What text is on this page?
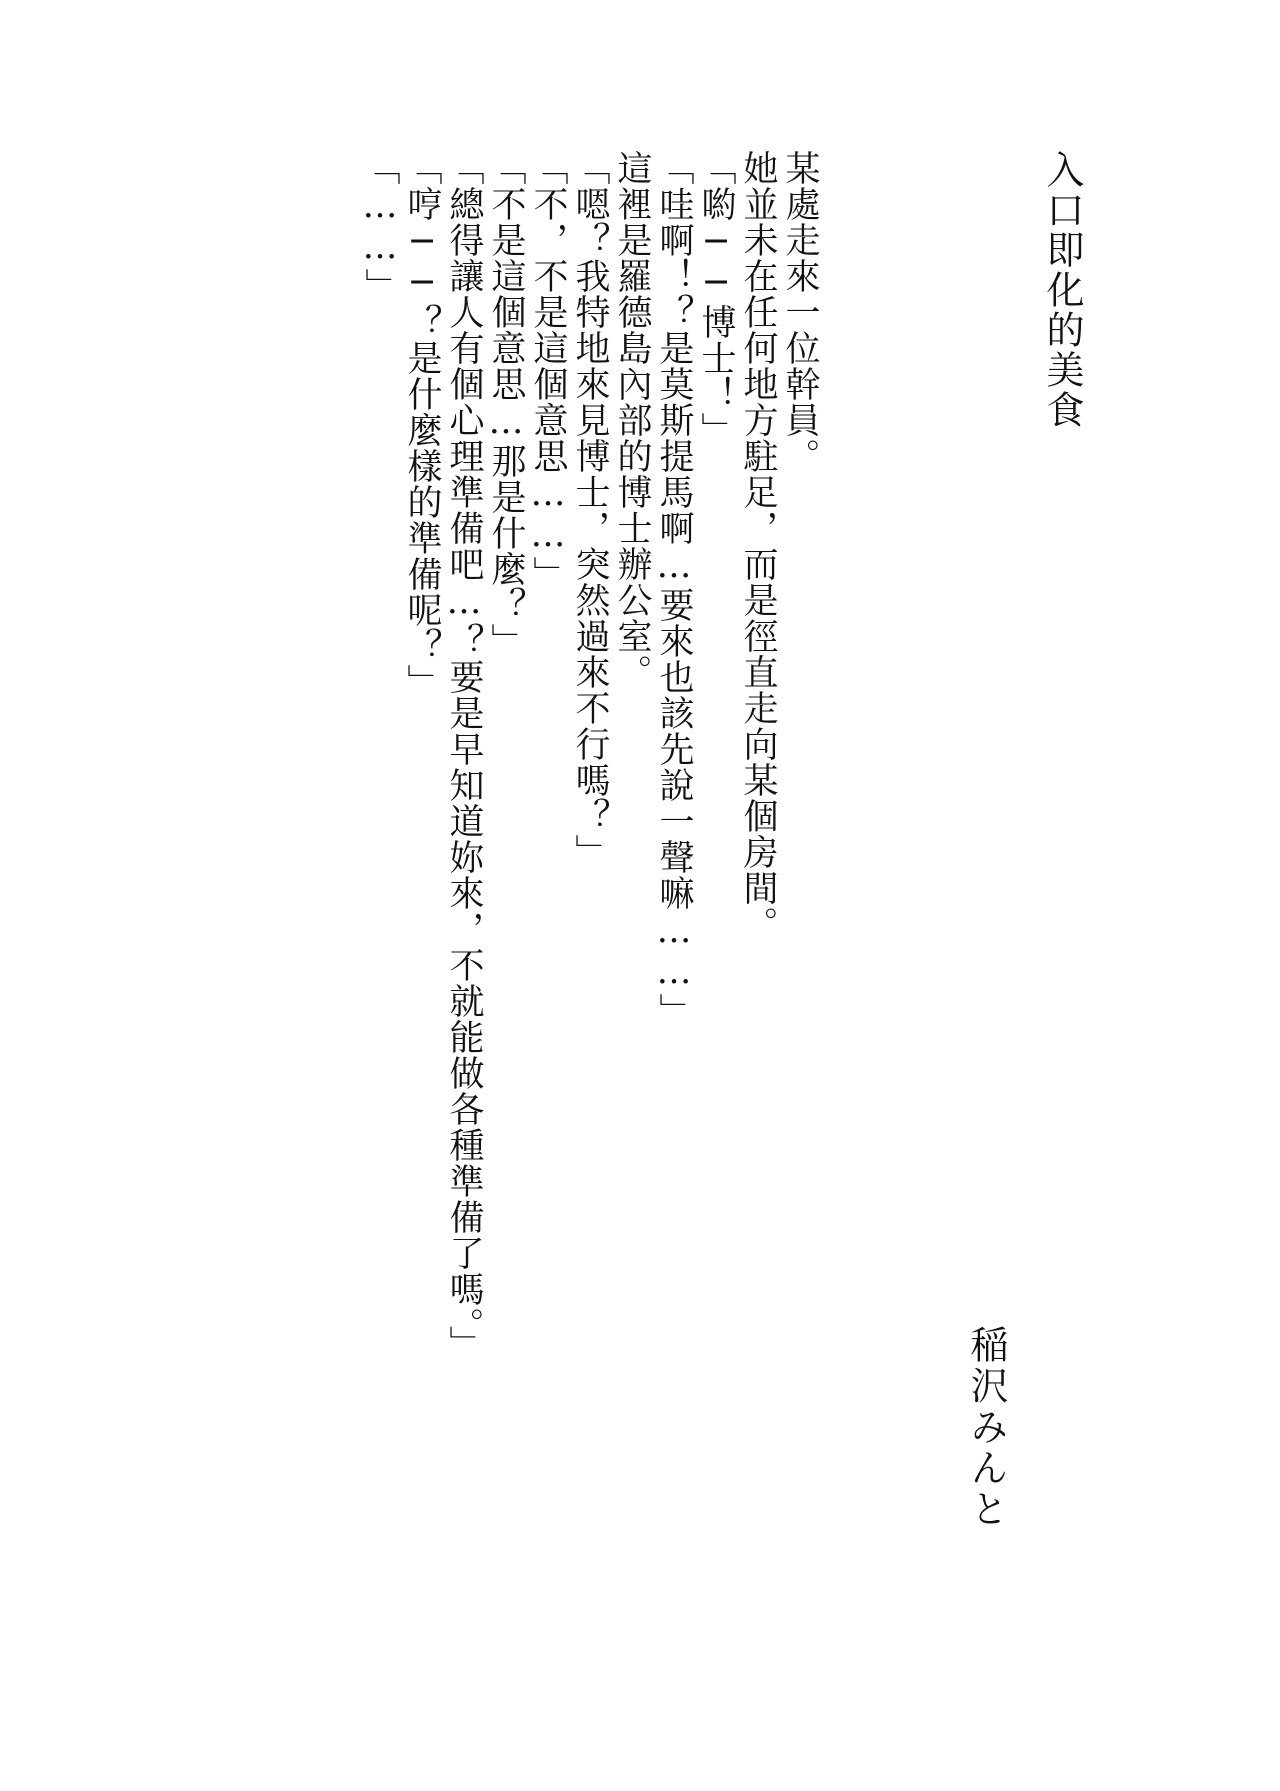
入口即化的美食
某處走來一位幹員。
她並未在任何地方駐足，而是徑直走向某個房間。
「喲──博士！」
「哇啊！？是莫斯提馬啊…要來也該先說一聲嘛……」
這裡是羅德島內部的博士辦公室。
「嗯？我特地來見博士，突然過來不行嗎？」
「不，不是這個意思……」
「不是這個意思…那是什麼？」
「總得讓人有個心理準備吧…？要是早知道妳來，不就能做各種準備了嗎。」
「哼──？是什麼樣的準備呢？」
「……」
稲沢みんと
